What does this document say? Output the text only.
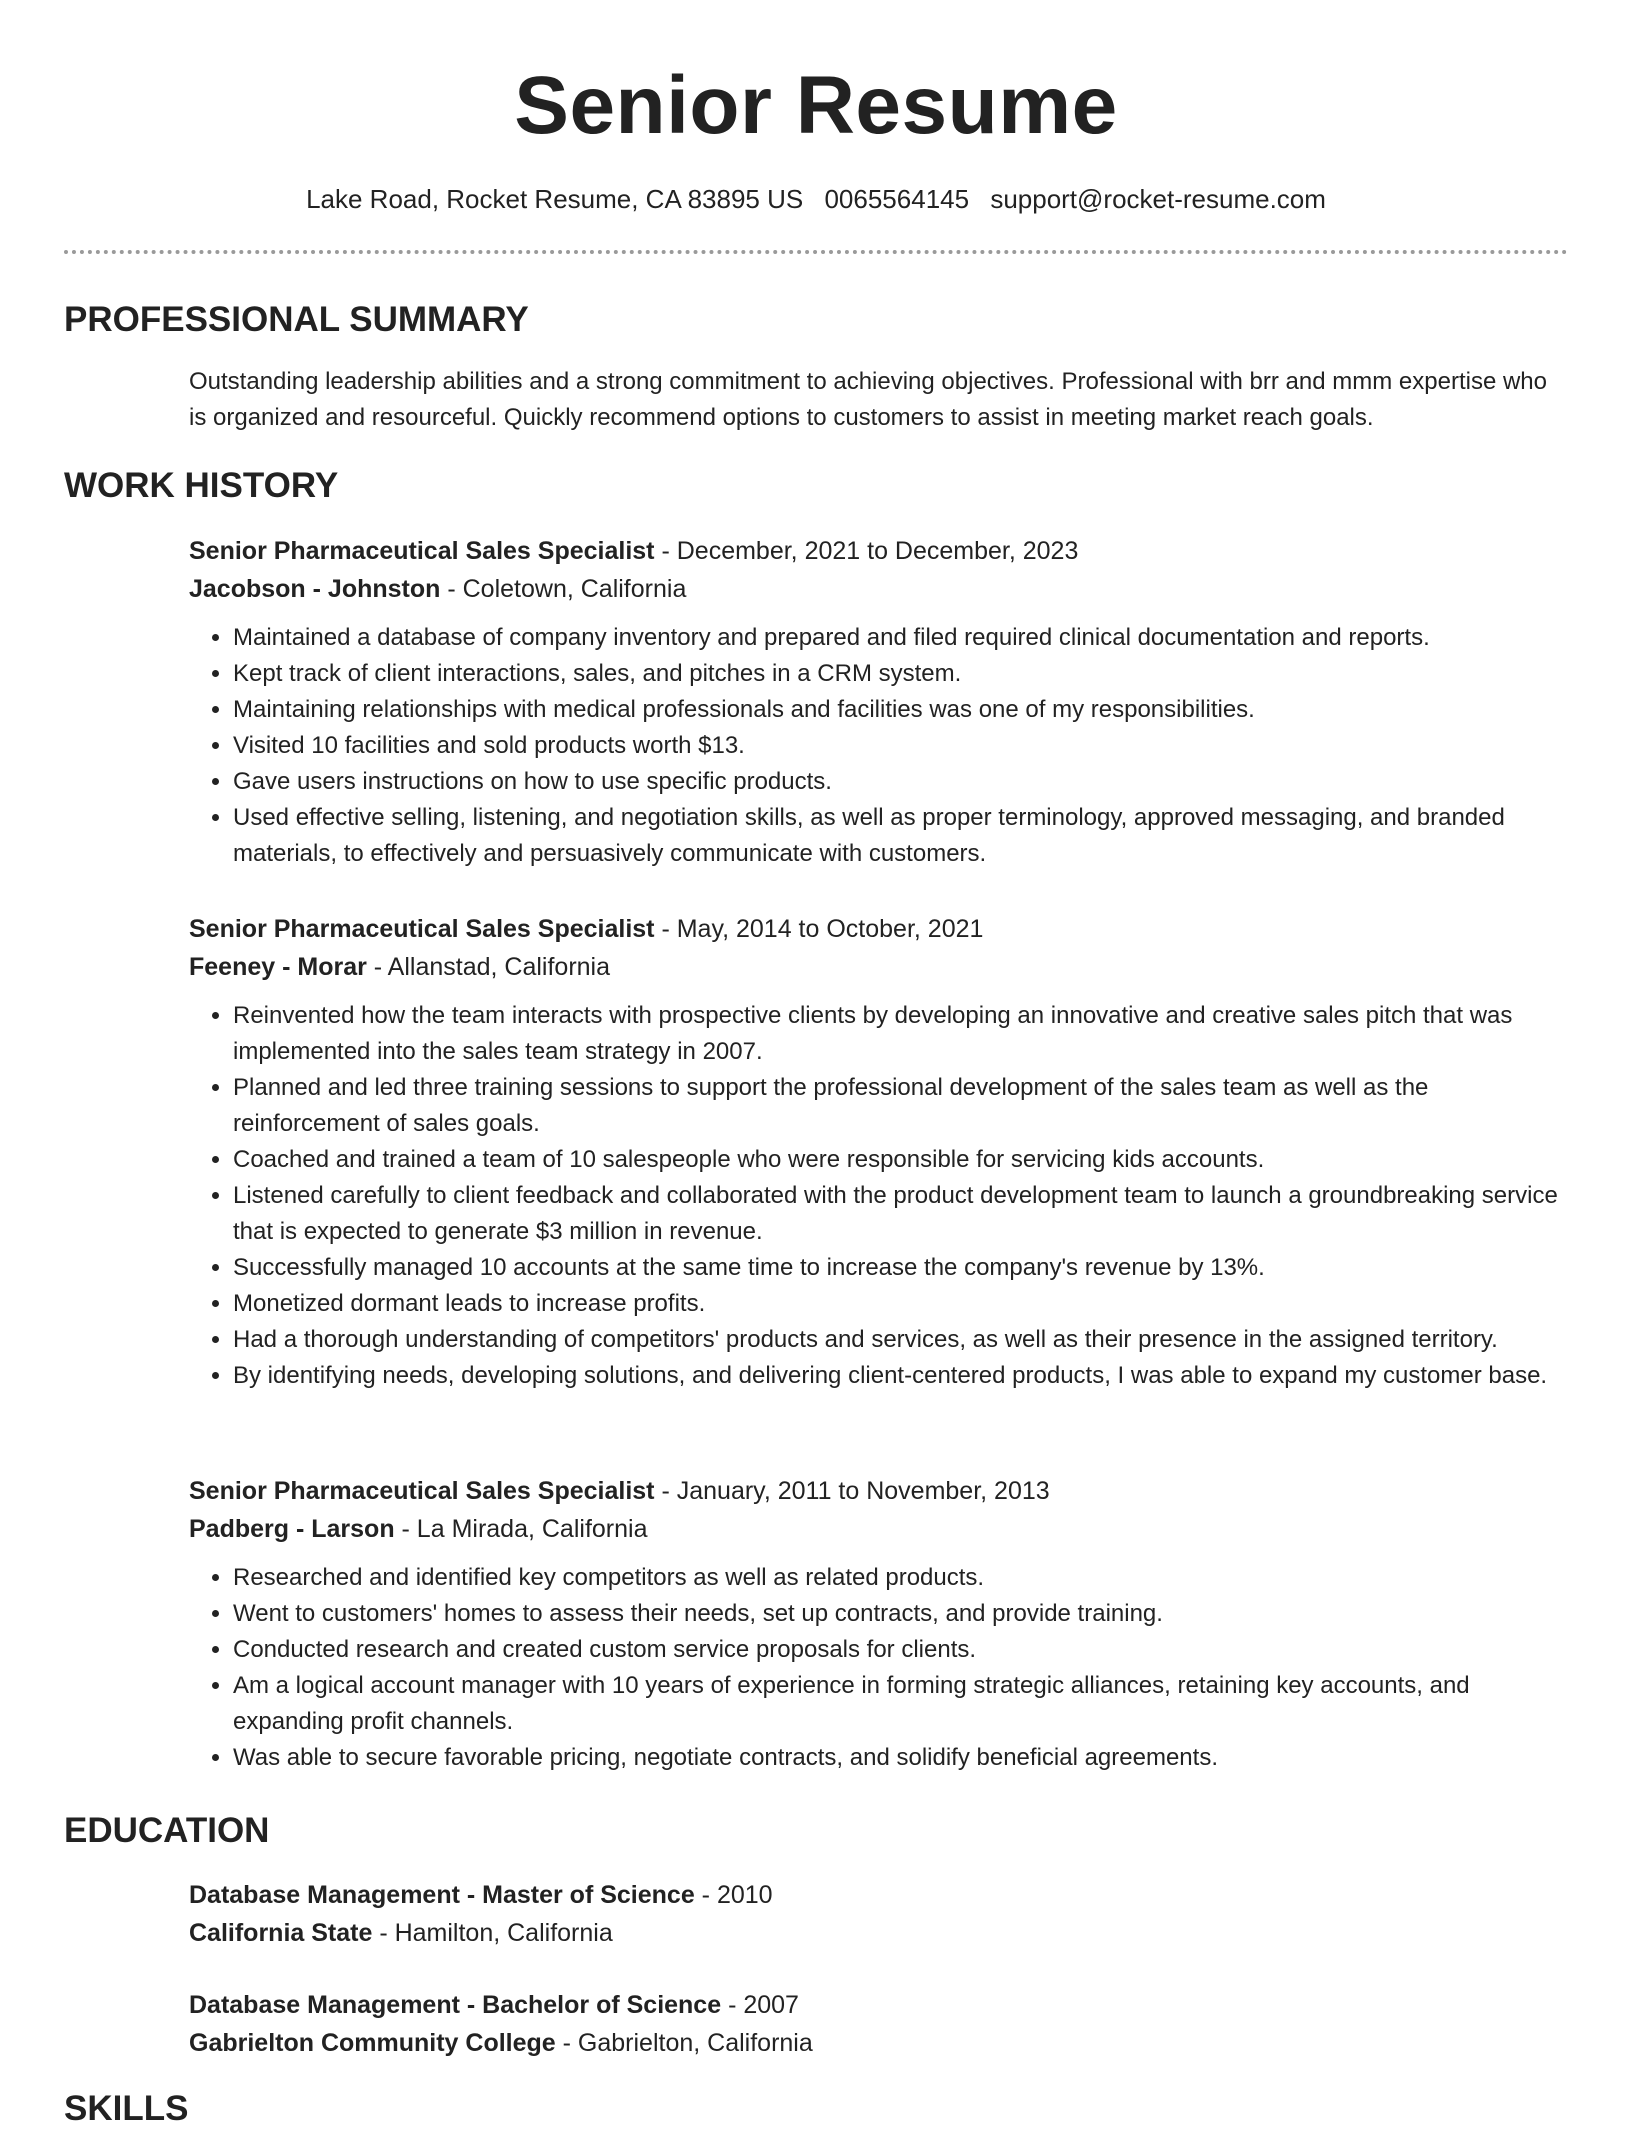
Senior Resume
Lake Road, Rocket Resume, CA 83895 US 0065564145 support@rocket-resume.com
PROFESSIONAL SUMMARY

Outstanding leadership abilities and a strong commitment to achieving objectives. Professional with brr and mmm expertise who is organized and resourceful. Quickly recommend options to customers to assist in meeting market reach goals.

WORK HISTORY

Senior Pharmaceutical Sales Specialist - December, 2021 to December, 2023

Jacobson - Johnston - Coletown, California

• Maintained a database of company inventory and prepared and filed required clinical documentation and reports.
• Kept track of client interactions, sales, and pitches in a CRM system.
• Maintaining relationships with medical professionals and facilities was one of my responsibilities.
• Visited 10 facilities and sold products worth $13.
• Gave users instructions on how to use specific products.
• Used effective selling, listening, and negotiation skills, as well as proper terminology, approved messaging, and branded materials, to effectively and persuasively communicate with customers.

Senior Pharmaceutical Sales Specialist - May, 2014 to October, 2021

Feeney - Morar - Allanstad, California

• Reinvented how the team interacts with prospective clients by developing an innovative and creative sales pitch that was implemented into the sales team strategy in 2007.
• Planned and led three training sessions to support the professional development of the sales team as well as the reinforcement of sales goals.
• Coached and trained a team of 10 salespeople who were responsible for servicing kids accounts.
• Listened carefully to client feedback and collaborated with the product development team to launch a groundbreaking service that is expected to generate $3 million in revenue.
• Successfully managed 10 accounts at the same time to increase the company's revenue by 13%.
• Monetized dormant leads to increase profits.
• Had a thorough understanding of competitors' products and services, as well as their presence in the assigned territory.
• By identifying needs, developing solutions, and delivering client-centered products, I was able to expand my customer base.

Senior Pharmaceutical Sales Specialist - January, 2011 to November, 2013

Padberg - Larson - La Mirada, California

• Researched and identified key competitors as well as related products.
• Went to customers' homes to assess their needs, set up contracts, and provide training.
• Conducted research and created custom service proposals for clients.
• Am a logical account manager with 10 years of experience in forming strategic alliances, retaining key accounts, and expanding profit channels.
• Was able to secure favorable pricing, negotiate contracts, and solidify beneficial agreements.
EDUCATION

Database Management - Master of Science - 2010

California State - Hamilton, California

Database Management - Bachelor of Science - 2007

Gabrielton Community College - Gabrielton, California

SKILLS
